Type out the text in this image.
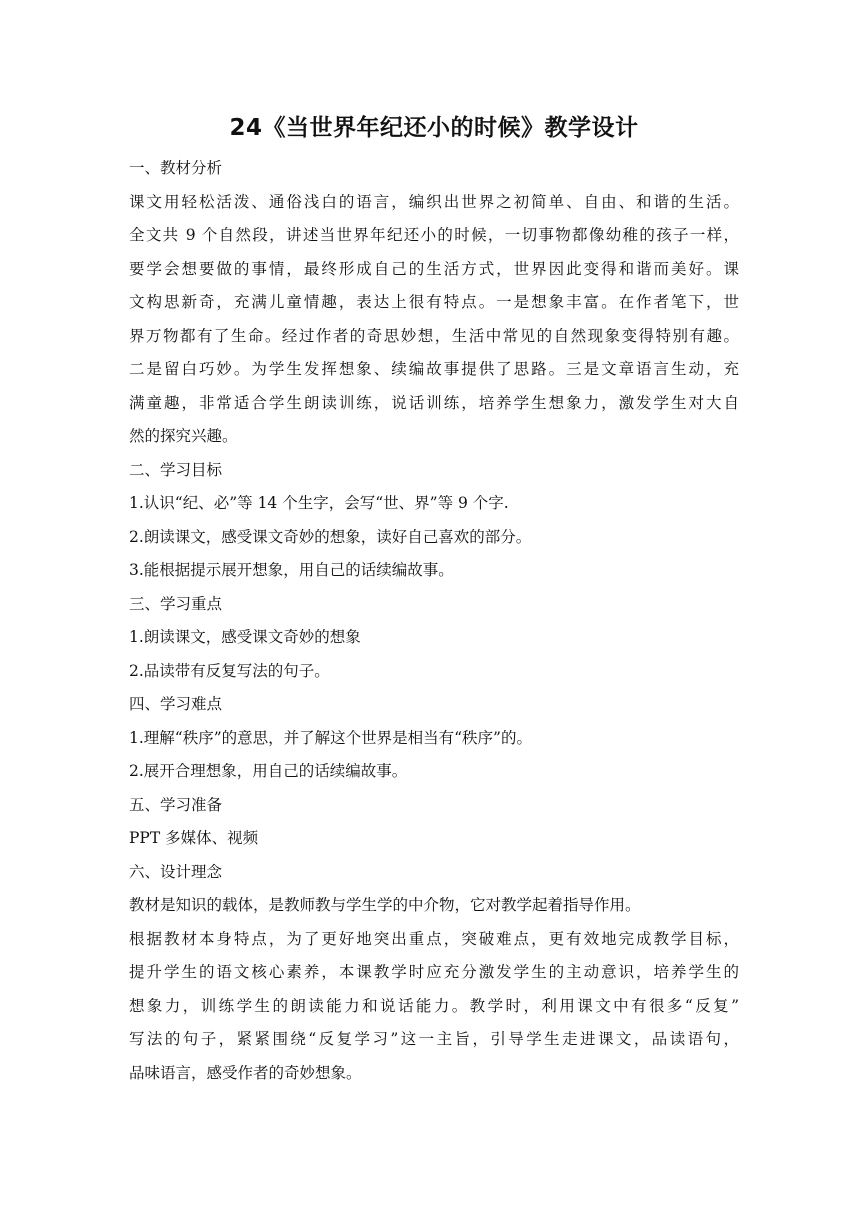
24《当世界年纪还小的时候》教学设计

一、教材分析

课文用轻松活泼、通俗浅白的语言，编织出世界之初简单、自由、和谐的生活。

全文共 9 个自然段，讲述当世界年纪还小的时候，一切事物都像幼稚的孩子一样，

要学会想要做的事情，最终形成自己的生活方式，世界因此变得和谐而美好。课

文构思新奇，充满儿童情趣，表达上很有特点。一是想象丰富。在作者笔下，世

界万物都有了生命。经过作者的奇思妙想，生活中常见的自然现象变得特别有趣。

二是留白巧妙。为学生发挥想象、续编故事提供了思路。三是文章语言生动，充

满童趣，非常适合学生朗读训练，说话训练，培养学生想象力，激发学生对大自

然的探究兴趣。

二、学习目标

1.认识“纪、必”等 14 个生字，会写“世、界”等 9 个字.

2.朗读课文，感受课文奇妙的想象，读好自己喜欢的部分。

3.能根据提示展开想象，用自己的话续编故事。

三、学习重点

1.朗读课文，感受课文奇妙的想象

2.品读带有反复写法的句子。

四、学习难点

1.理解“秩序”的意思，并了解这个世界是相当有“秩序”的。

2.展开合理想象，用自己的话续编故事。

五、学习准备

PPT 多媒体、视频

六、设计理念

教材是知识的载体，是教师教与学生学的中介物，它对教学起着指导作用。

根据教材本身特点，为了更好地突出重点，突破难点，更有效地完成教学目标，

提升学生的语文核心素养，本课教学时应充分激发学生的主动意识，培养学生的

想象力，训练学生的朗读能力和说话能力。教学时，利用课文中有很多“反复”

写法的句子，紧紧围绕“反复学习”这一主旨，引导学生走进课文，品读语句，

品味语言，感受作者的奇妙想象。
